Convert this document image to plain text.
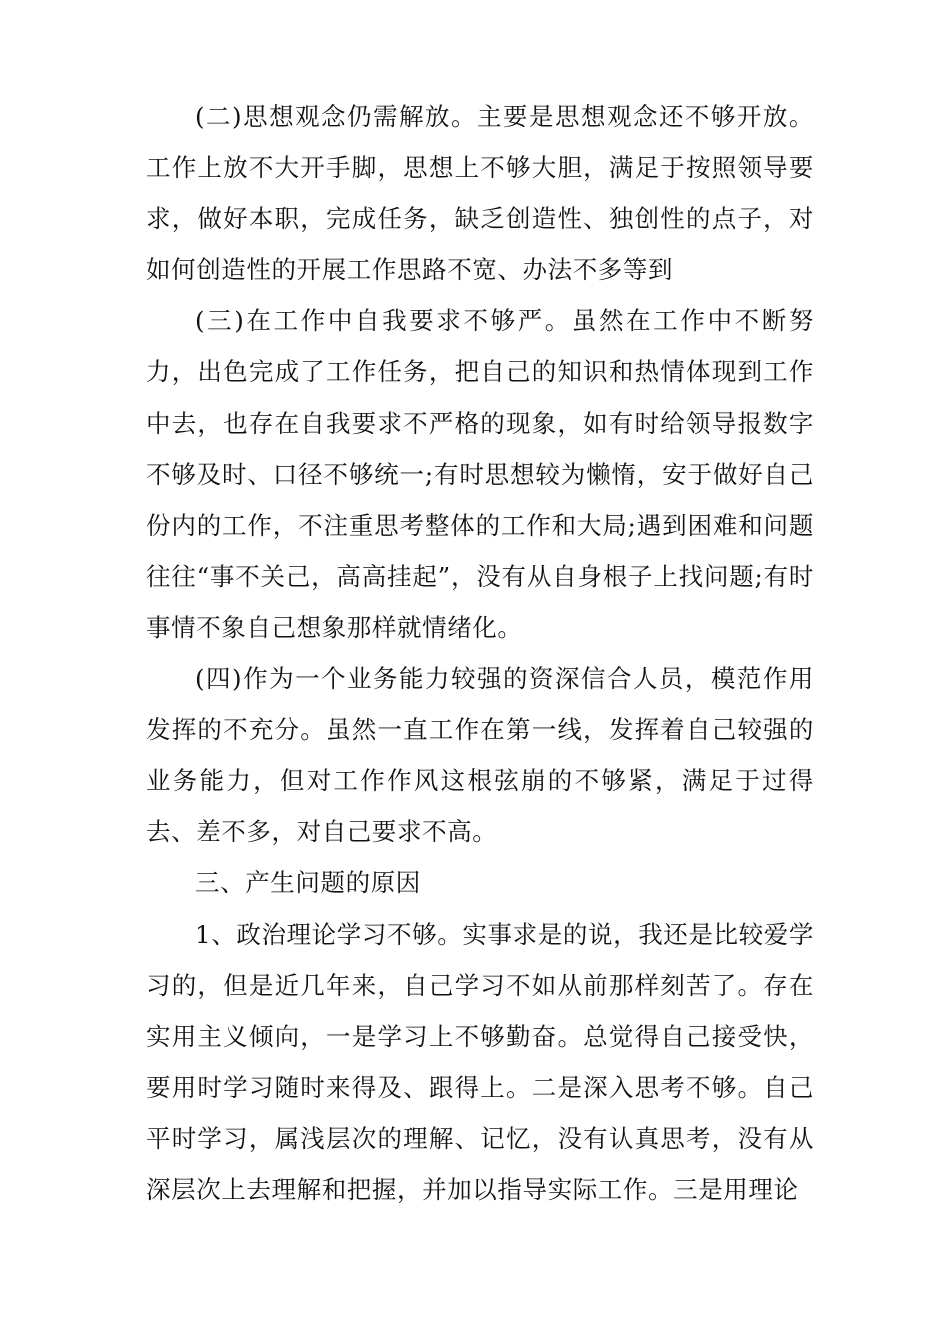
(二)思想观念仍需解放。主要是思想观念还不够开放。工作上放不大开手脚，思想上不够大胆，满足于按照领导要求，做好本职，完成任务，缺乏创造性、独创性的点子，对如何创造性的开展工作思路不宽、办法不多等到

(三)在工作中自我要求不够严。虽然在工作中不断努力，出色完成了工作任务，把自己的知识和热情体现到工作中去，也存在自我要求不严格的现象，如有时给领导报数字不够及时、口径不够统一;有时思想较为懒惰，安于做好自己份内的工作，不注重思考整体的工作和大局;遇到困难和问题往往“事不关己，高高挂起”，没有从自身根子上找问题;有时事情不象自己想象那样就情绪化。

(四)作为一个业务能力较强的资深信合人员，模范作用发挥的不充分。虽然一直工作在第一线，发挥着自己较强的业务能力，但对工作作风这根弦崩的不够紧，满足于过得去、差不多，对自己要求不高。

三、产生问题的原因

1、政治理论学习不够。实事求是的说，我还是比较爱学习的，但是近几年来，自己学习不如从前那样刻苦了。存在实用主义倾向，一是学习上不够勤奋。总觉得自己接受快，要用时学习随时来得及、跟得上。二是深入思考不够。自己平时学习，属浅层次的理解、记忆，没有认真思考，没有从深层次上去理解和把握，并加以指导实际工作。三是用理论
